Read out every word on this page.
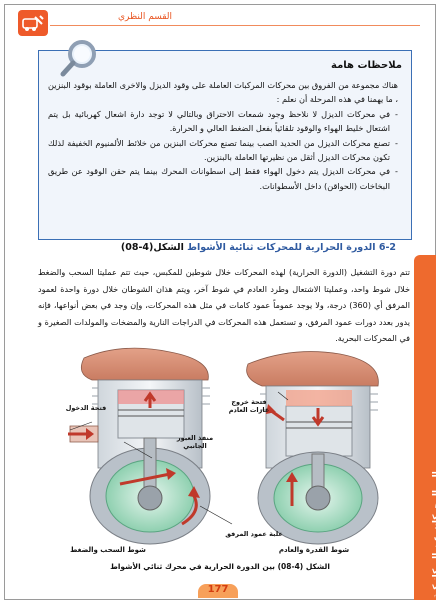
القسم النظري
الى المحركات عن الميكانيكية
ملاحظات هامة

هناك مجموعة من الفروق بين محركات المركبات العاملة على وقود الديزل والاخرى العاملة بوقود البنزين ، ما يهمنا في هذه المرحلة أن نعلم :

- في محركات الديزل لا نلاحظ وجود شمعات الاحتراق وبالتالي لا توجد دارة اشعال كهربائية بل يتم اشتعال خليط الهواء والوقود تلقائياً بفعل الضغط العالي و الحرارة.

- تصنع محركات الديزل من الحديد الصب بينما تصنع محركات البنزين من خلائط الألمنيوم الخفيفة لذلك تكون محركات الديزل أثقل من نظيرتها العاملة بالبنزين.

- في محركات الديزل يتم دخول الهواء فقط إلى اسطوانات المحرك بينما يتم حقن الوقود عن طريق البخاخات (الحواقن) داخل الأسطوانات.

6-2 الدورة الحرارية للمحركات ثنائية الأشواط الشكل(4-08)
تتم دورة التشغيل (الدورة الحرارية) لهذه المحركات خلال شوطين للمكبس، حيث تتم عمليتا السحب والضغط خلال شوط واحد، وعمليتا الاشتعال وطرد العادم في شوط آخر، ويتم هذان الشوطان خلال دورة واحدة لعمود المرفق أي (360) درجة، ولا يوجد عموماً عمود كامات في مثل هذه المحركات، وإن وجد في بعض أنواعها، فإنه يدور بعدد دورات عمود المرفق، و تستعمل هذه المحركات في الدراجات النارية والمضخات والمولدات الصغيرة و في المحركات البحرية.
فتحة الدخول
منفذ العبور الجانبي
علبة عمود المرفق
فتحة خروج غازات العادم
شوط السحب والضغط	شوط القدرة والعادم
الشكل (4-08) بين الدورة الحرارية في محرك ثنائي الأشواط
177
